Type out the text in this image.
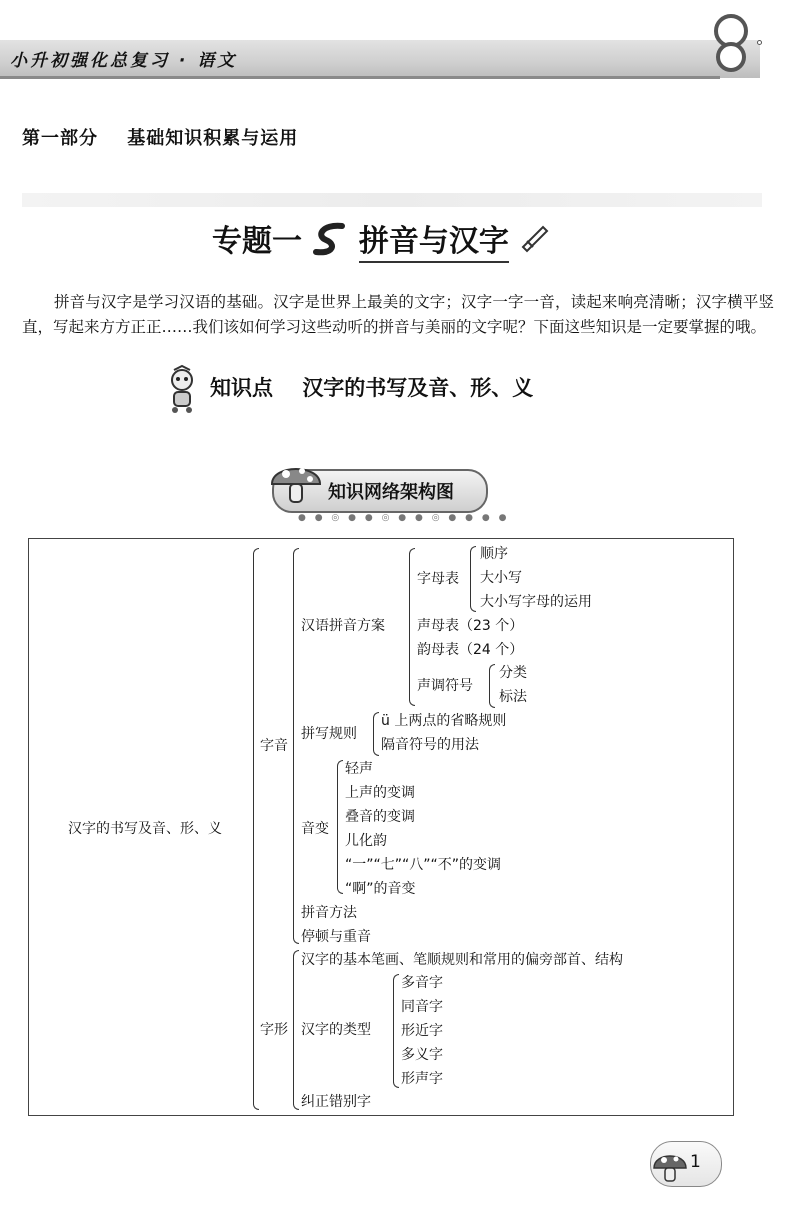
小升初强化总复习 · 语文
第一部分 基础知识积累与运用
专题一 拼音与汉字
拼音与汉字是学习汉语的基础。汉字是世界上最美的文字；汉字一字一音，读起来响亮清晰；汉字横平竖直，写起来方方正正……我们该如何学习这些动听的拼音与美丽的文字呢？下面这些知识是一定要掌握的哦。
知识点 汉字的书写及音、形、义
知识网络架构图
● ● ◎ ● ● ◎ ● ● ◎ ● ● ● ●
汉字的书写及音、形、义
字音
汉语拼音方案
字母表
顺序
大小写
大小写字母的运用
声母表（23 个）
韵母表（24 个）
声调符号
分类
标法
拼写规则
ü 上两点的省略规则
隔音符号的用法
音变
轻声
上声的变调
叠音的变调
儿化韵
“一”“七”“八”“不”的变调
“啊”的音变
拼音方法
停顿与重音
字形
汉字的基本笔画、笔顺规则和常用的偏旁部首、结构
汉字的类型
多音字
同音字
形近字
多义字
形声字
纠正错别字
1
